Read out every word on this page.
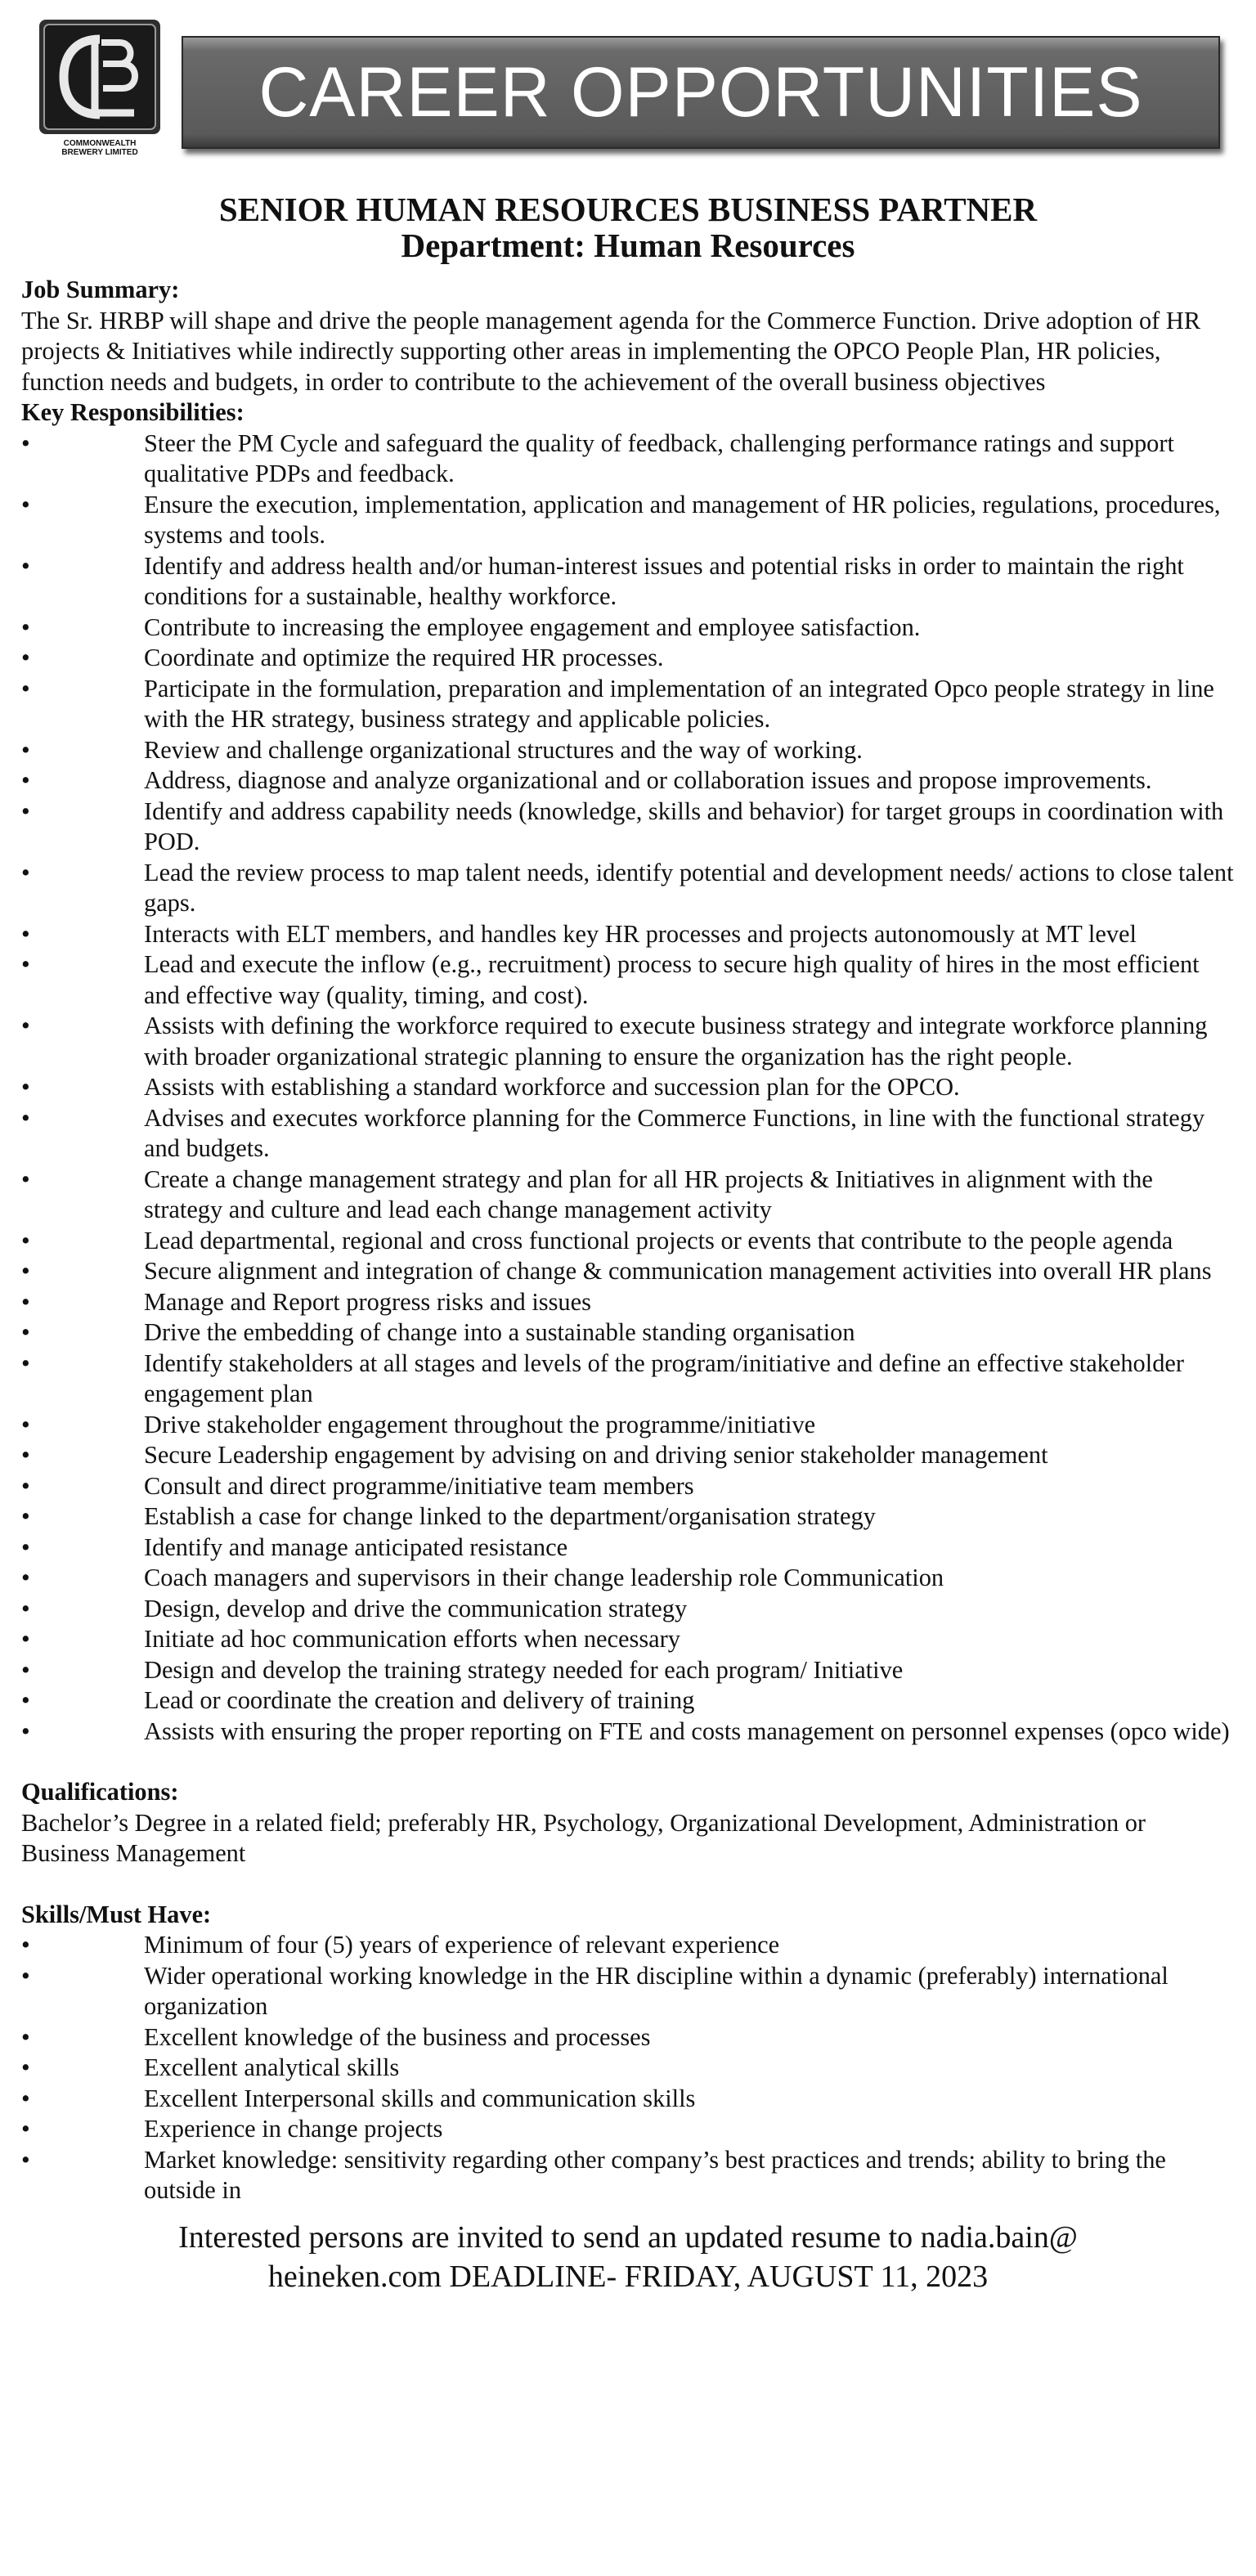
COMMONWEALTH
BREWERY LIMITED
CAREER OPPORTUNITIES
SENIOR HUMAN RESOURCES BUSINESS PARTNER
Department: Human Resources

Job Summary:

The Sr. HRBP will shape and drive the people management agenda for the Commerce Function. Drive adoption of HR projects & Initiatives while indirectly supporting other areas in implementing the OPCO People Plan, HR policies, function needs and budgets, in order to contribute to the achievement of the overall business objectives

Key Responsibilities:

•	Steer the PM Cycle and safeguard the quality of feedback, challenging performance ratings and support qualitative PDPs and feedback.
•	Ensure the execution, implementation, application and management of HR policies, regulations, procedures, systems and tools.
•	Identify and address health and/or human-interest issues and potential risks in order to maintain the right conditions for a sustainable, healthy workforce.
•	Contribute to increasing the employee engagement and employee satisfaction.
•	Coordinate and optimize the required HR processes.
•	Participate in the formulation, preparation and implementation of an integrated Opco people strategy in line with the HR strategy, business strategy and applicable policies.
•	Review and challenge organizational structures and the way of working.
•	Address, diagnose and analyze organizational and or collaboration issues and propose improvements.
•	Identify and address capability needs (knowledge, skills and behavior) for target groups in coordination with POD.
•	Lead the review process to map talent needs, identify potential and development needs/ actions to close talent gaps.
•	Interacts with ELT members, and handles key HR processes and projects autonomously at MT level
•	Lead and execute the inflow (e.g., recruitment) process to secure high quality of hires in the most efficient and effective way (quality, timing, and cost).
•	Assists with defining the workforce required to execute business strategy and integrate workforce planning with broader organizational strategic planning to ensure the organization has the right people.
•	Assists with establishing a standard workforce and succession plan for the OPCO.
•	Advises and executes workforce planning for the Commerce Functions, in line with the functional strategy and budgets.
•	Create a change management strategy and plan for all HR projects & Initiatives in alignment with the strategy and culture and lead each change management activity
•	Lead departmental, regional and cross functional projects or events that contribute to the people agenda
•	Secure alignment and integration of change & communication management activities into overall HR plans
•	Manage and Report progress risks and issues
•	Drive the embedding of change into a sustainable standing organisation
•	Identify stakeholders at all stages and levels of the program/initiative and define an effective stakeholder engagement plan
•	Drive stakeholder engagement throughout the programme/initiative
•	Secure Leadership engagement by advising on and driving senior stakeholder management
•	Consult and direct programme/initiative team members
•	Establish a case for change linked to the department/organisation strategy
•	Identify and manage anticipated resistance
•	Coach managers and supervisors in their change leadership role Communication
•	Design, develop and drive the communication strategy
•	Initiate ad hoc communication efforts when necessary
•	Design and develop the training strategy needed for each program/ Initiative
•	Lead or coordinate the creation and delivery of training
•	Assists with ensuring the proper reporting on FTE and costs management on personnel expenses (opco wide)

Qualifications:

Bachelor’s Degree in a related field; preferably HR, Psychology, Organizational Development, Administration or Business Management

Skills/Must Have:

•	Minimum of four (5) years of experience of relevant experience
•	Wider operational working knowledge in the HR discipline within a dynamic (preferably) international organization
•	Excellent knowledge of the business and processes
•	Excellent analytical skills
•	Excellent Interpersonal skills and communication skills
•	Experience in change projects
•	Market knowledge: sensitivity regarding other company’s best practices and trends; ability to bring the outside in
Interested persons are invited to send an updated resume to nadia.bain@
heineken.com DEADLINE- FRIDAY, AUGUST 11, 2023
